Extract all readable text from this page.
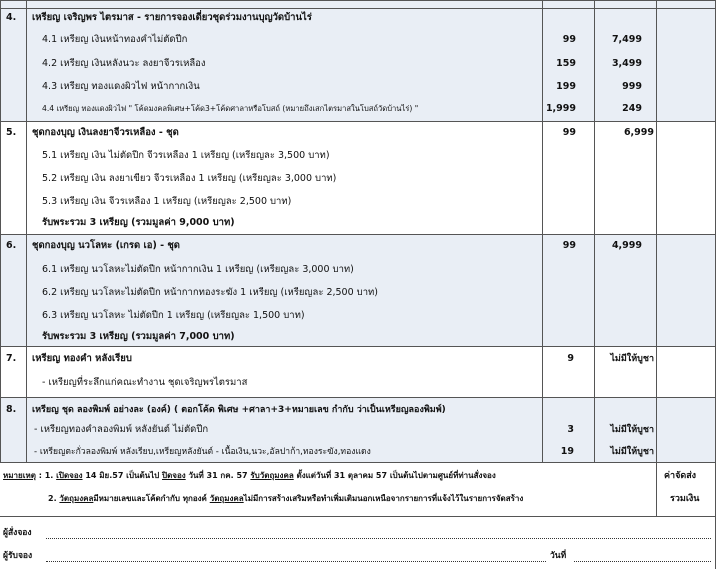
4. เหรียญ เจริญพร ไตรมาส - รายการจองเดี่ยวชุดร่วมงานบุญวัดบ้านไร่
4.1 เหรียญ เงินหน้าทองคำไม่ตัดปีก	99	7,499
4.2 เหรียญ เงินหลังนวะ ลงยาจีวรเหลือง	159	3,499
4.3 เหรียญ ทองแดงผิวไฟ หน้ากากเงิน	199	999
4.4 เหรียญ ทองแดงผิวไฟ " โค้ดมงคลพิเศษ+โค้ด3+โค้ดศาลาหรือโบสถ์ (หมายถึงเสกไตรมาสในโบสถ์วัดบ้านไร่) "	1,999	249
5. ชุดกองบุญ เงินลงยาจีวรเหลือง - ชุด	99	6,999
5.1 เหรียญ เงิน ไม่ตัดปีก จีวรเหลือง 1 เหรียญ (เหรียญละ 3,500 บาท)
5.2 เหรียญ เงิน ลงยาเขียว จีวรเหลือง 1 เหรียญ (เหรียญละ 3,000 บาท)
5.3 เหรียญ เงิน จีวรเหลือง 1 เหรียญ (เหรียญละ 2,500 บาท)
รับพระรวม 3 เหรียญ (รวมมูลค่า 9,000 บาท)
6. ชุดกองบุญ นวโลหะ (เกรด เอ) - ชุด	99	4,999
6.1 เหรียญ นวโลหะไม่ตัดปีก หน้ากากเงิน 1 เหรียญ (เหรียญละ 3,000 บาท)
6.2 เหรียญ นวโลหะไม่ตัดปีก หน้ากากทองระฆัง 1 เหรียญ (เหรียญละ 2,500 บาท)
6.3 เหรียญ นวโลหะ ไม่ตัดปีก 1 เหรียญ (เหรียญละ 1,500 บาท)
รับพระรวม 3 เหรียญ (รวมมูลค่า 7,000 บาท)
7. เหรียญ ทองคำ หลังเรียบ	9	ไม่มีให้บูชา
- เหรียญที่ระลึกแก่คณะทำงาน ชุดเจริญพรไตรมาส
8. เหรียญ ชุด ลองพิมพ์ อย่างละ (องค์) ( ตอกโค้ด พิเศษ +ศาลา+3+หมายเลข กำกับ ว่าเป็นเหรียญลองพิมพ์)
- เหรียญทองคำลองพิมพ์ หลังยันต์ ไม่ตัดปีก	3	ไม่มีให้บูชา
- เหรียญตะกั่วลองพิมพ์ หลังเรียบ,เหรียญหลังยันต์ - เนื้อเงิน,นวะ,อัลปาก้า,ทองระฆัง,ทองแดง	19	ไม่มีให้บูชา
หมายเหตุ : 1. เปิดจอง 14 มิย.57 เป็นต้นไป ปิดจอง วันที่ 31 กค. 57 รับวัตถุมงคล ตั้งแต่วันที่ 31 ตุลาคม 57 เป็นต้นไปตามศูนย์ที่ท่านสั่งจอง
2. วัตถุมงคลมีหมายเลขและโค้ดกำกับ ทุกองค์ วัตถุมงคลไม่มีการสร้างเสริมหรือทำเพิ่มเติมนอกเหนือจากรายการที่แจ้งไว้ในรายการจัดสร้าง
ค่าจัดส่ง
รวมเงิน
ผู้สั่งจอง
ผู้รับจอง	วันที่
